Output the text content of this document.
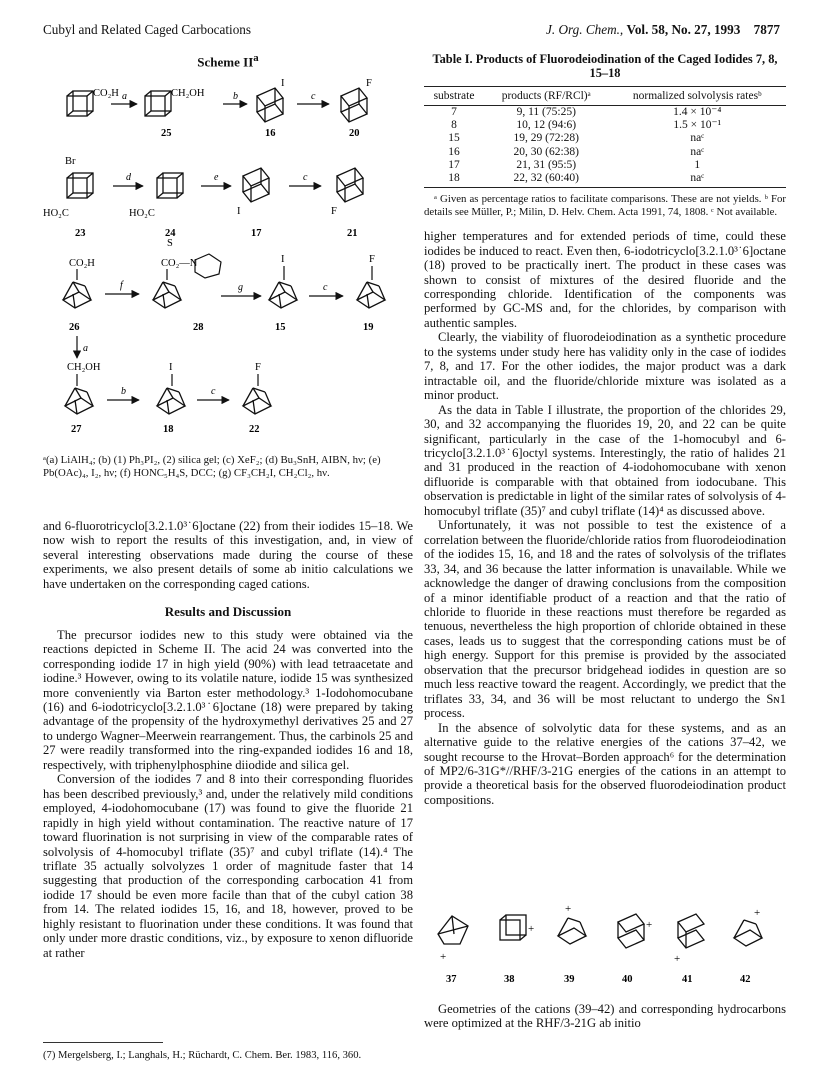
Cubyl and Related Caged Carbocations	J. Org. Chem., Vol. 58, No. 27, 1993 7877
Scheme $II^a$
CO₂H a	CH₂OH
25
b
I
16
c
F
20
Br
HO₂C
23
d
HO₂C
24
e
I
17
c
F
21
CO₂H
26
f
S
CO₂—N
28
g
I
15
c
F
19
a
CH₂OH
27
b
I
18
c
F
22
ᵃ(a) LiAlH₄; (b) (1) Ph₃PI₂, (2) silica gel; (c) XeF₂; (d) Bu₃SnH, AIBN, hν; (e) Pb(OAc)₄, I₂, hν; (f) HONC₅H₄S, DCC; (g) CF₃CH₂I, CH₂Cl₂, hν.

and 6-fluorotricyclo[3.2.1.0³˙6]octane (22) from their iodides 15–18. We now wish to report the results of this investigation, and, in view of several interesting observations made during the course of these experiments, we also present details of some ab initio calculations we have undertaken on the corresponding caged cations.

Results and Discussion

The precursor iodides new to this study were obtained via the reactions depicted in Scheme II. The acid 24 was converted into the corresponding iodide 17 in high yield (90%) with lead tetraacetate and iodine.³ However, owing to its volatile nature, iodide 15 was synthesized more conveniently via Barton ester methodology.³ 1-Iodohomocubane (16) and 6-iodotricyclo[3.2.1.0³˙6]octane (18) were prepared by taking advantage of the propensity of the hydroxymethyl derivatives 25 and 27 to undergo Wagner–Meerwein rearrangement. Thus, the carbinols 25 and 27 were readily transformed into the ring-expanded iodides 16 and 18, respectively, with triphenylphosphine diiodide and silica gel.

Conversion of the iodides 7 and 8 into their corresponding fluorides has been described previously,³ and, under the relatively mild conditions employed, 4-iodohomocubane (17) was found to give the fluoride 21 rapidly in high yield without contamination. The reactive nature of 17 toward fluorination is not surprising in view of the comparable rates of solvolysis of 4-homocubyl triflate (35)⁷ and cubyl triflate (14).⁴ The triflate 35 actually solvolyzes 1 order of magnitude faster that 14 suggesting that production of the corresponding carbocation 41 from iodide 17 should be even more facile than that of the cubyl cation 38 from 14. The related iodides 15, 16, and 18, however, proved to be highly resistant to fluorination under these conditions. It was found that only under more drastic conditions, viz., by exposure to xenon difluoride at rather

(7) Mergelsberg, I.; Langhals, H.; Rüchardt, C. Chem. Ber. 1983, 116, 360.
Table I. Products of Fluorodeiodination of the Caged Iodides 7, 8, 15–18
substrate	products (RF/RCl)ᵃ	normalized solvolysis ratesᵇ
7	9, 11 (75:25)	1.4 × 10⁻⁴
8	10, 12 (94:6)	1.5 × 10⁻¹
15	19, 29 (72:28)	naᶜ
16	20, 30 (62:38)	naᶜ
17	21, 31 (95:5)	1
18	22, 32 (60:40)	naᶜ
ᵃ Given as percentage ratios to facilitate comparisons. These are not yields. ᵇ For details see Müller, P.; Milin, D. Helv. Chem. Acta 1991, 74, 1808. ᶜ Not available.

higher temperatures and for extended periods of time, could these iodides be induced to react. Even then, 6-iodotricyclo[3.2.1.0³˙6]octane (18) proved to be practically inert. The product in these cases was shown to consist of mixtures of the desired fluoride and the corresponding chloride. Identification of the components was performed by GC-MS and, for the chlorides, by comparison with authentic samples.

Clearly, the viability of fluorodeiodination as a synthetic procedure to the systems under study here has validity only in the case of iodides 7, 8, and 17. For the other iodides, the major product was a dark intractable oil, and the fluoride/chloride mixture was isolated as a minor product.

As the data in Table I illustrate, the proportion of the chlorides 29, 30, and 32 accompanying the fluorides 19, 20, and 22 can be quite significant, particularly in the case of the 1-homocubyl and 6-tricyclo[3.2.1.0³˙6]octyl systems. Interestingly, the ratio of halides 21 and 31 produced in the reaction of 4-iodohomocubane with xenon difluoride is comparable with that obtained from iodocubane. This observation is predictable in light of the similar rates of solvolysis of 4-homocubyl triflate (35)⁷ and cubyl triflate (14)⁴ as discussed above.

Unfortunately, it was not possible to test the existence of a correlation between the fluoride/chloride ratios from fluorodeiodination of the iodides 15, 16, and 18 and the rates of solvolysis of the triflates 33, 34, and 36 because the latter information is unavailable. While we acknowledge the danger of drawing conclusions from the composition of a minor identifiable product of a reaction and that the ratio of chloride to fluoride in these reactions must therefore be regarded as tenuous, nevertheless the high proportion of chloride obtained in these cases, leads us to suggest that the corresponding cations must be of high energy. Support for this premise is provided by the associated observation that the precursor bridgehead iodides in question are so much less reactive toward the reagent. Accordingly, we predict that the triflates 33, 34, and 36 will be most reluctant to undergo the Sɴ1 process.

In the absence of solvolytic data for these systems, and as an alternative guide to the relative energies of the cations 37–42, we sought recourse to the Hrovat–Borden approach⁶ for the determination of MP2/6-31G*//RHF/3-21G energies of the cations in an attempt to provide a theoretical basis for the observed fluorodeiodination product compositions.

+
37
+
38
+
39
+
40
+
41
+
42

Geometries of the cations (39–42) and corresponding hydrocarbons were optimized at the RHF/3-21G ab initio
